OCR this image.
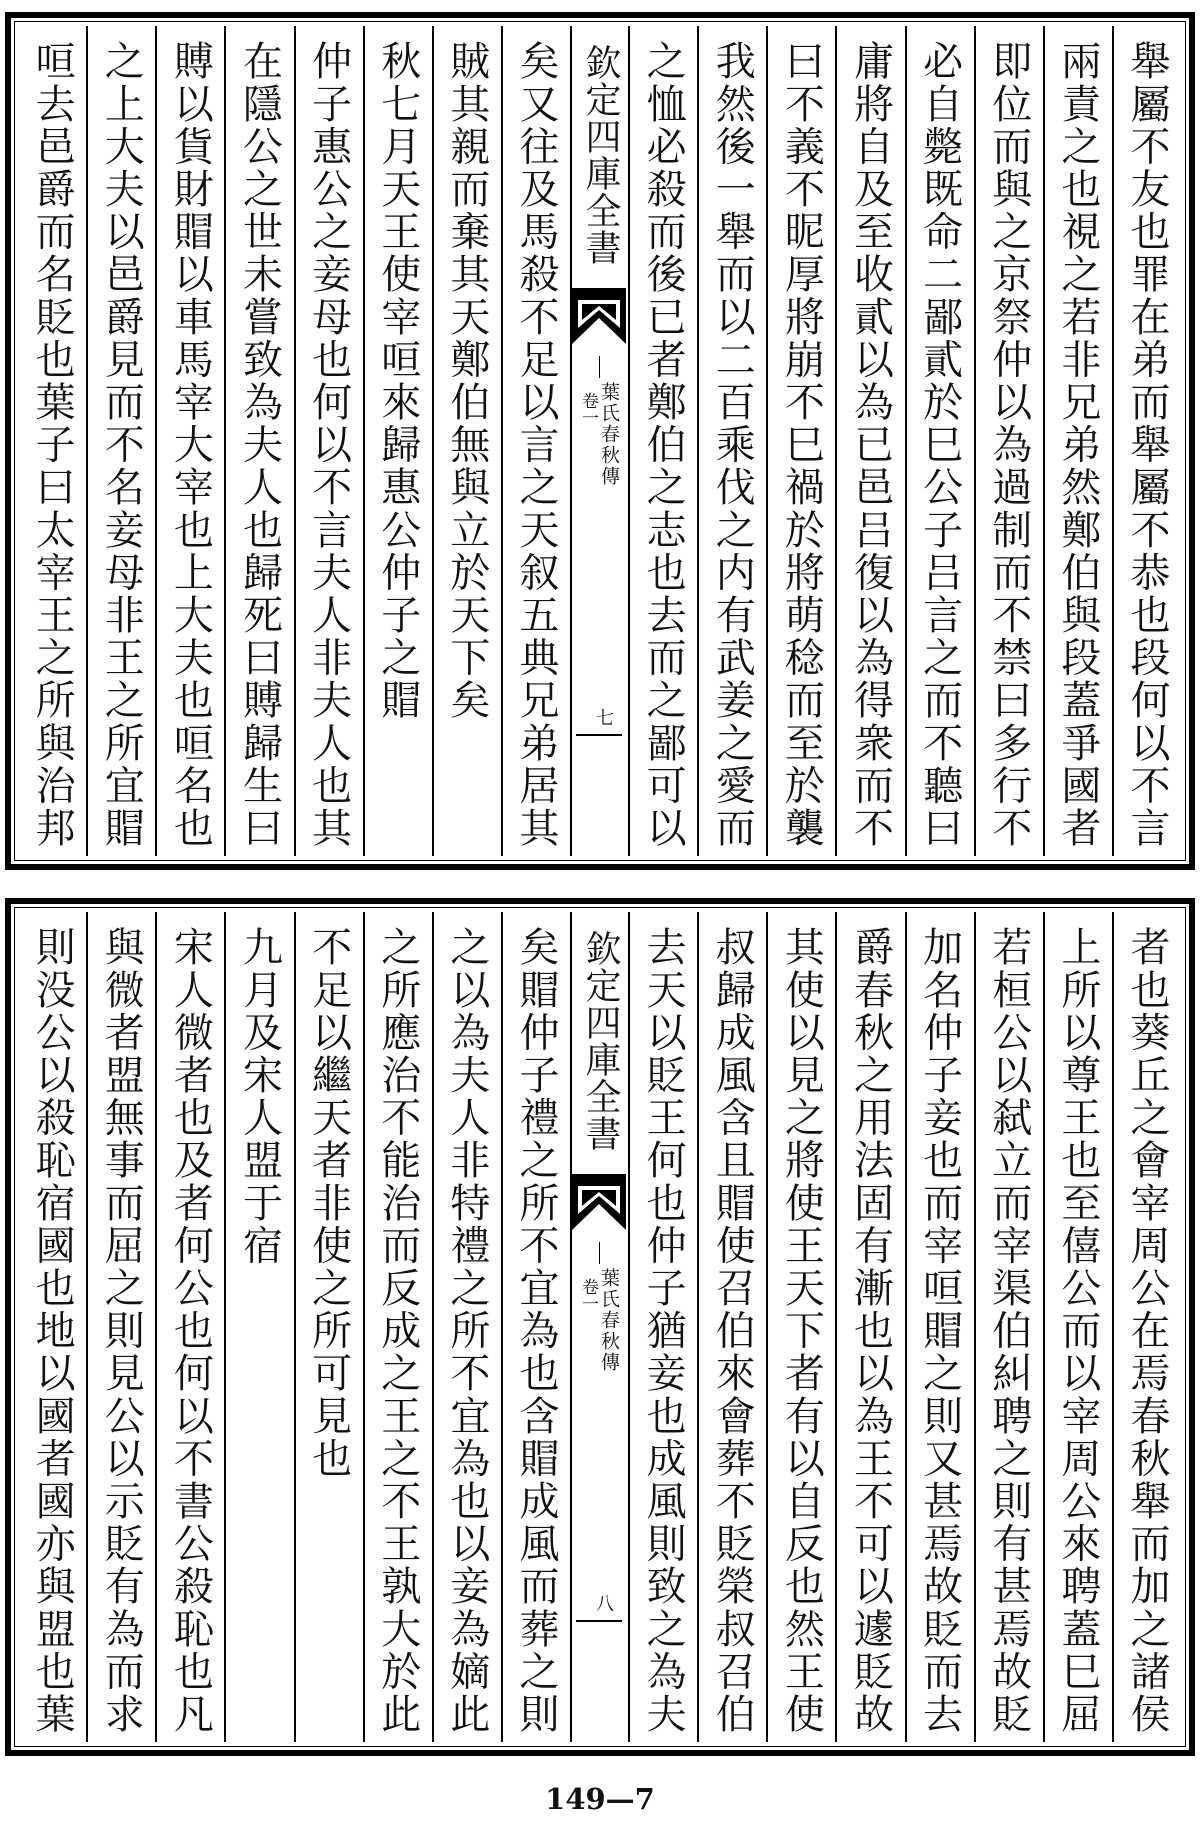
舉屬不友也罪在弟而舉屬不恭也段何以不言
兩責之也視之若非兄弟然鄭伯與段蓋爭國者
即位而與之京祭仲以為過制而不禁曰多行不
必自斃既命二鄙貳於巳公子吕言之而不聽曰
庸將自及至收貳以為已邑吕復以為得衆而不
曰不義不昵厚將崩不巳禍於將萌稔而至於襲
我然後一舉而以二百乘伐之内有武姜之愛而
之恤必殺而後已者鄭伯之志也去而之鄙可以
欽定四庫全書
葉氏春秋傳
卷一
七
矣又往及馬殺不足以言之天叙五典兄弟居其
賊其親而棄其天鄭伯無與立於天下矣
秋七月天王使宰咺來歸惠公仲子之賵
仲子惠公之妾母也何以不言夫人非夫人也其
在隱公之世未嘗致為夫人也歸死曰賻歸生曰
賻以貨財賵以車馬宰大宰也上大夫也咺名也
之上大夫以邑爵見而不名妾母非王之所宜賵
咺去邑爵而名貶也葉子曰太宰王之所與治邦
者也葵丘之會宰周公在焉春秋舉而加之諸侯
上所以尊王也至僖公而以宰周公來聘蓋巳屈
若桓公以弑立而宰渠伯糾聘之則有甚焉故貶
加名仲子妾也而宰咺賵之則又甚焉故貶而去
爵春秋之用法固有漸也以為王不可以遽貶故
其使以見之將使王天下者有以自反也然王使
叔歸成風含且賵使召伯來會葬不貶榮叔召伯
去天以貶王何也仲子猶妾也成風則致之為夫
欽定四庫全書
葉氏春秋傳
卷一
八
矣賵仲子禮之所不宜為也含賵成風而葬之則
之以為夫人非特禮之所不宜為也以妾為嫡此
之所應治不能治而反成之王之不王孰大於此
不足以繼天者非使之所可見也
九月及宋人盟于宿
宋人微者也及者何公也何以不書公殺恥也凡
與微者盟無事而屈之則見公以示貶有為而求
則没公以殺恥宿國也地以國者國亦與盟也葉
149—7
